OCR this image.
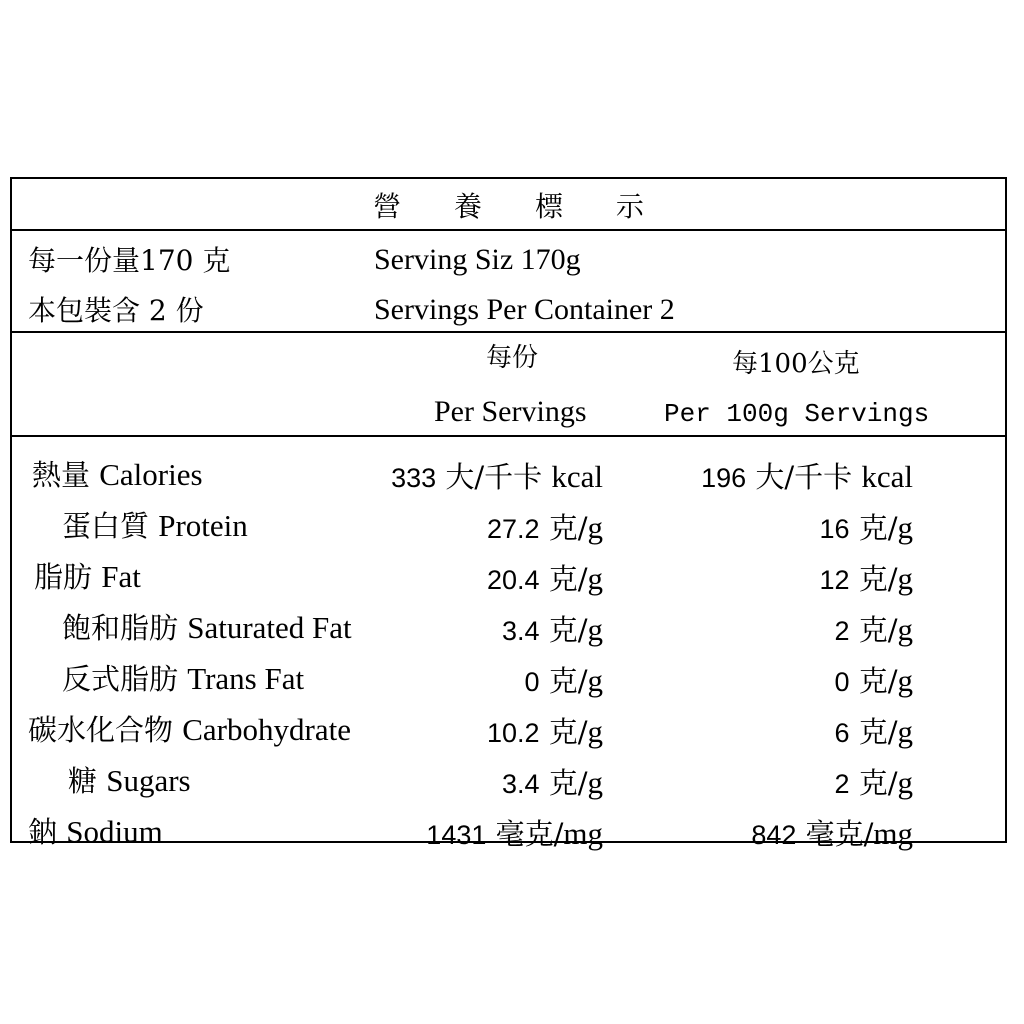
營 養 標 示
每一份量170 克	Serving Siz 170g
本包裝含 2 份	Servings Per Container 2
每份
Per Servings
每100公克
Per 100g Servings
熱量 Calories	333 大/千卡 kcal	196 大/千卡 kcal
蛋白質 Protein	27.2 克/g	16 克/g
脂肪 Fat	20.4 克/g	12 克/g
飽和脂肪 Saturated Fat	3.4 克/g	2 克/g
反式脂肪 Trans Fat	0 克/g	0 克/g
碳水化合物 Carbohydrate	10.2 克/g	6 克/g
糖 Sugars	3.4 克/g	2 克/g
鈉 Sodium	1431 毫克/mg	842 毫克/mg
